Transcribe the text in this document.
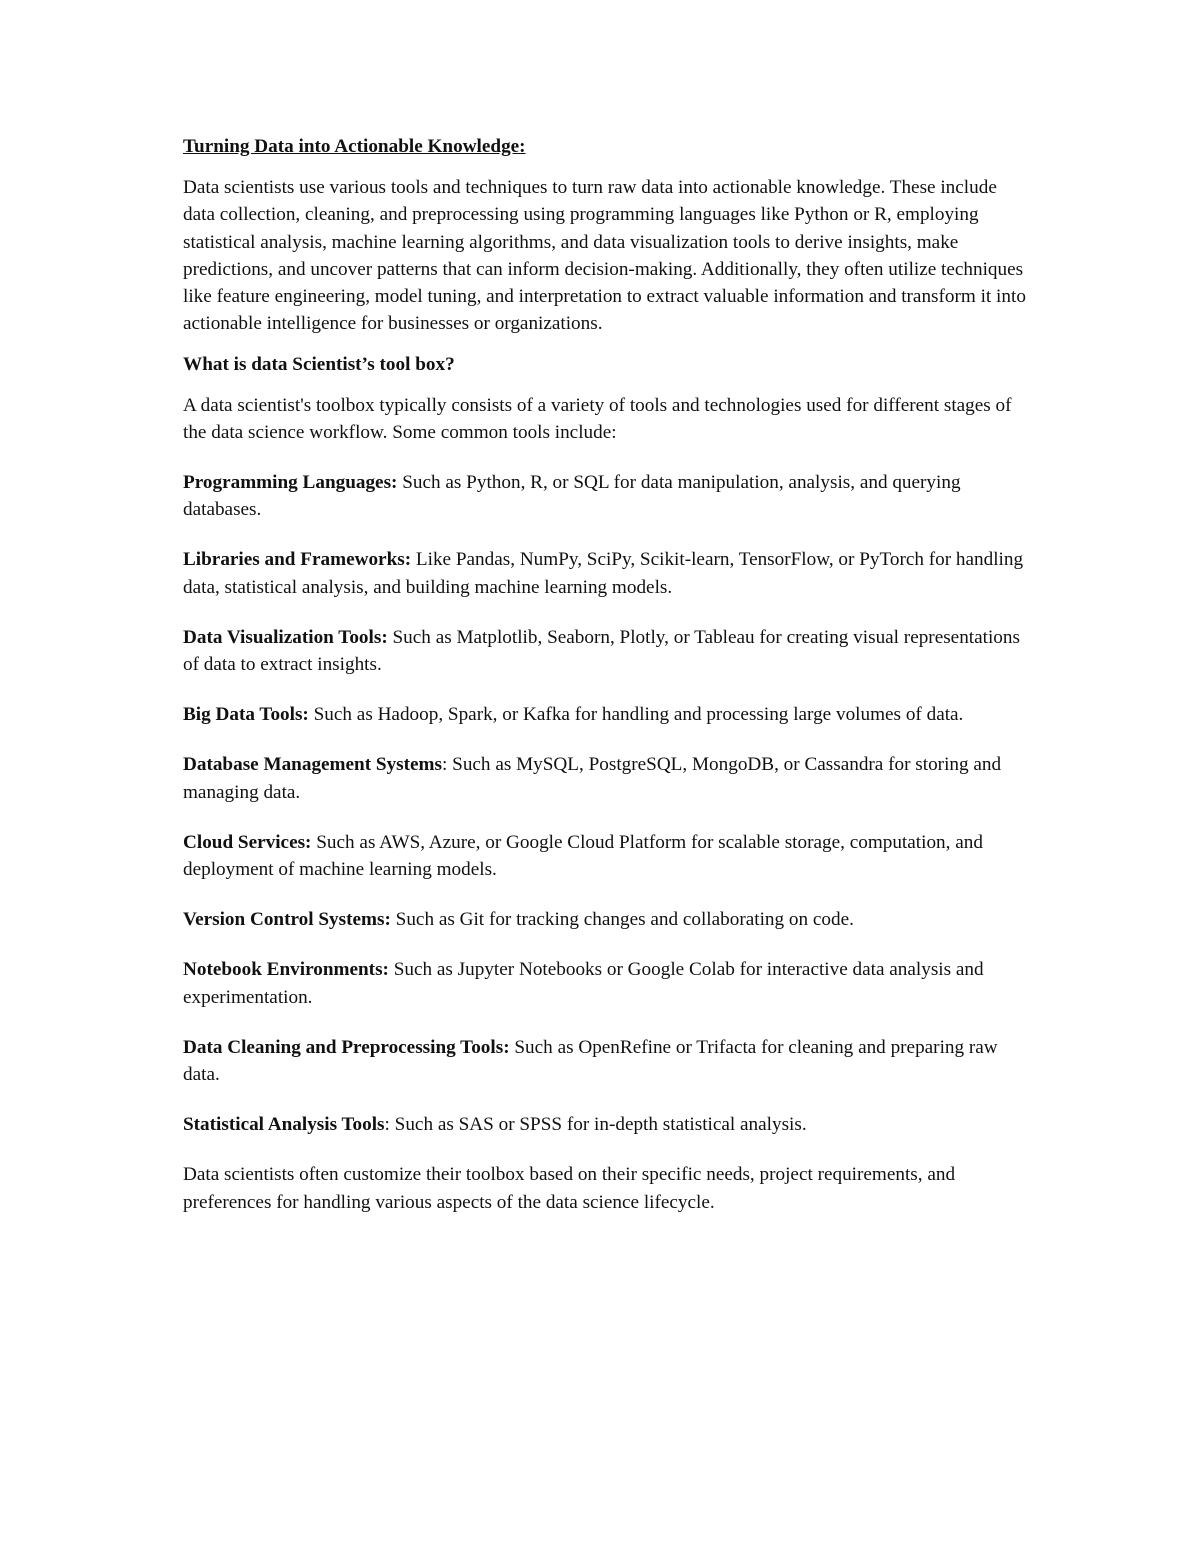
Turning Data into Actionable Knowledge:
Data scientists use various tools and techniques to turn raw data into actionable knowledge. These include data collection, cleaning, and preprocessing using programming languages like Python or R, employing statistical analysis, machine learning algorithms, and data visualization tools to derive insights, make predictions, and uncover patterns that can inform decision-making. Additionally, they often utilize techniques like feature engineering, model tuning, and interpretation to extract valuable information and transform it into actionable intelligence for businesses or organizations.
What is data Scientist’s tool box?
A data scientist's toolbox typically consists of a variety of tools and technologies used for different stages of the data science workflow. Some common tools include:
Programming Languages: Such as Python, R, or SQL for data manipulation, analysis, and querying databases.
Libraries and Frameworks: Like Pandas, NumPy, SciPy, Scikit-learn, TensorFlow, or PyTorch for handling data, statistical analysis, and building machine learning models.
Data Visualization Tools: Such as Matplotlib, Seaborn, Plotly, or Tableau for creating visual representations of data to extract insights.
Big Data Tools: Such as Hadoop, Spark, or Kafka for handling and processing large volumes of data.
Database Management Systems: Such as MySQL, PostgreSQL, MongoDB, or Cassandra for storing and managing data.
Cloud Services: Such as AWS, Azure, or Google Cloud Platform for scalable storage, computation, and deployment of machine learning models.
Version Control Systems: Such as Git for tracking changes and collaborating on code.
Notebook Environments: Such as Jupyter Notebooks or Google Colab for interactive data analysis and experimentation.
Data Cleaning and Preprocessing Tools: Such as OpenRefine or Trifacta for cleaning and preparing raw data.
Statistical Analysis Tools: Such as SAS or SPSS for in-depth statistical analysis.
Data scientists often customize their toolbox based on their specific needs, project requirements, and preferences for handling various aspects of the data science lifecycle.
